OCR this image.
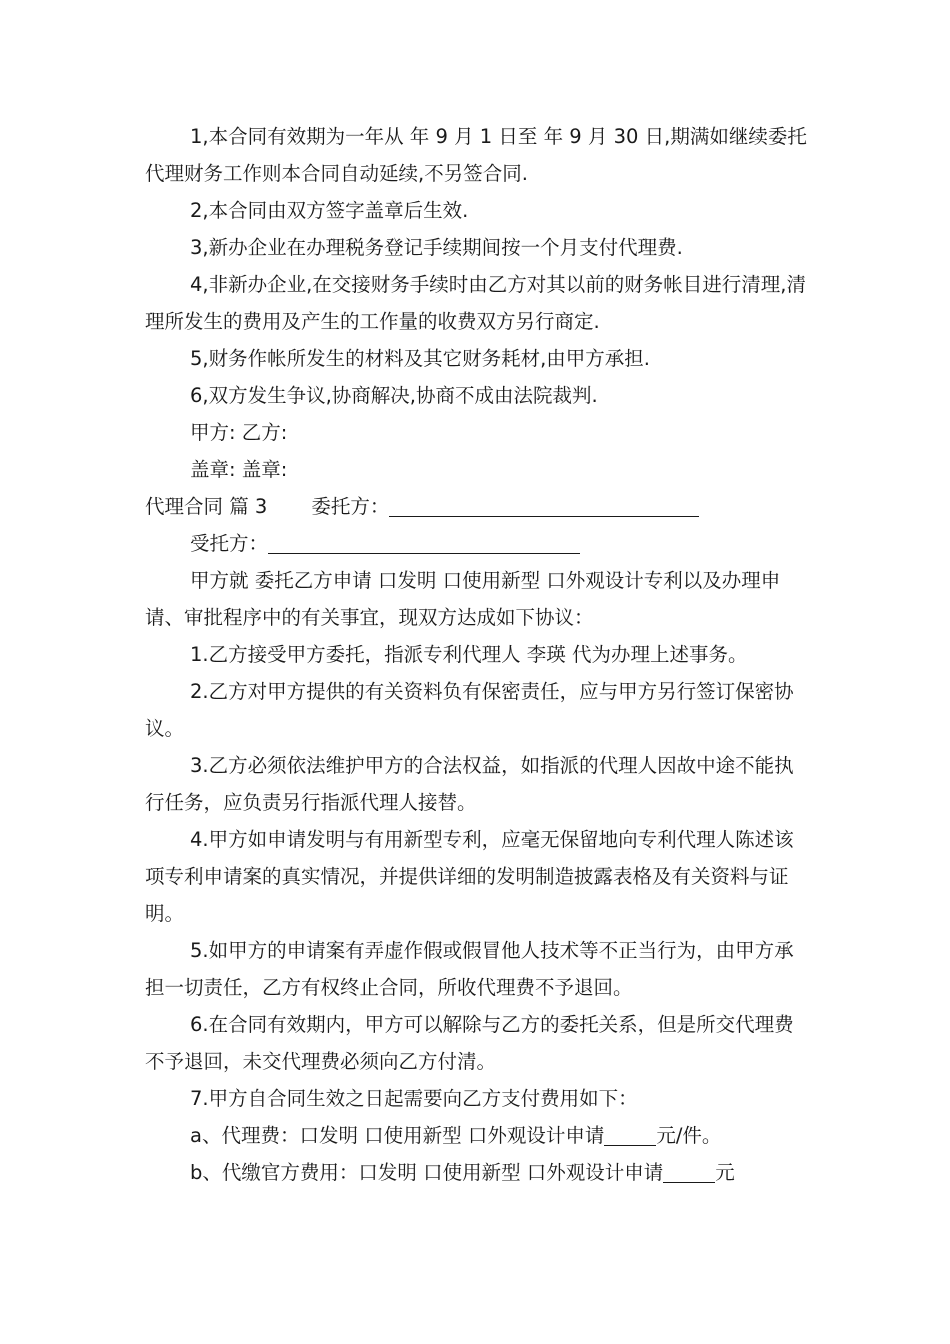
1,本合同有效期为一年从 年 9 月 1 日至 年 9 月 30 日,期满如继续委托代理财务工作则本合同自动延续,不另签合同.

2,本合同由双方签字盖章后生效.

3,新办企业在办理税务登记手续期间按一个月支付代理费.

4,非新办企业,在交接财务手续时由乙方对其以前的财务帐目进行清理,清理所发生的费用及产生的工作量的收费双方另行商定.

5,财务作帐所发生的材料及其它财务耗材,由甲方承担.

6,双方发生争议,协商解决,协商不成由法院裁判.

甲方: 乙方:

盖章: 盖章:

代理合同 篇 3 委托方：

受托方：

甲方就 委托乙方申请 口发明 口使用新型 口外观设计专利以及办理申请、审批程序中的有关事宜，现双方达成如下协议：

1.乙方接受甲方委托，指派专利代理人 李瑛 代为办理上述事务。

2.乙方对甲方提供的有关资料负有保密责任，应与甲方另行签订保密协议。

3.乙方必须依法维护甲方的合法权益，如指派的代理人因故中途不能执行任务，应负责另行指派代理人接替。

4.甲方如申请发明与有用新型专利，应毫无保留地向专利代理人陈述该项专利申请案的真实情况，并提供详细的发明制造披露表格及有关资料与证明。

5.如甲方的申请案有弄虚作假或假冒他人技术等不正当行为，由甲方承担一切责任，乙方有权终止合同，所收代理费不予退回。

6.在合同有效期内，甲方可以解除与乙方的委托关系，但是所交代理费不予退回，未交代理费必须向乙方付清。

7.甲方自合同生效之日起需要向乙方支付费用如下：

a、代理费：口发明 口使用新型 口外观设计申请	元/件。

b、代缴官方费用：口发明 口使用新型 口外观设计申请	元
